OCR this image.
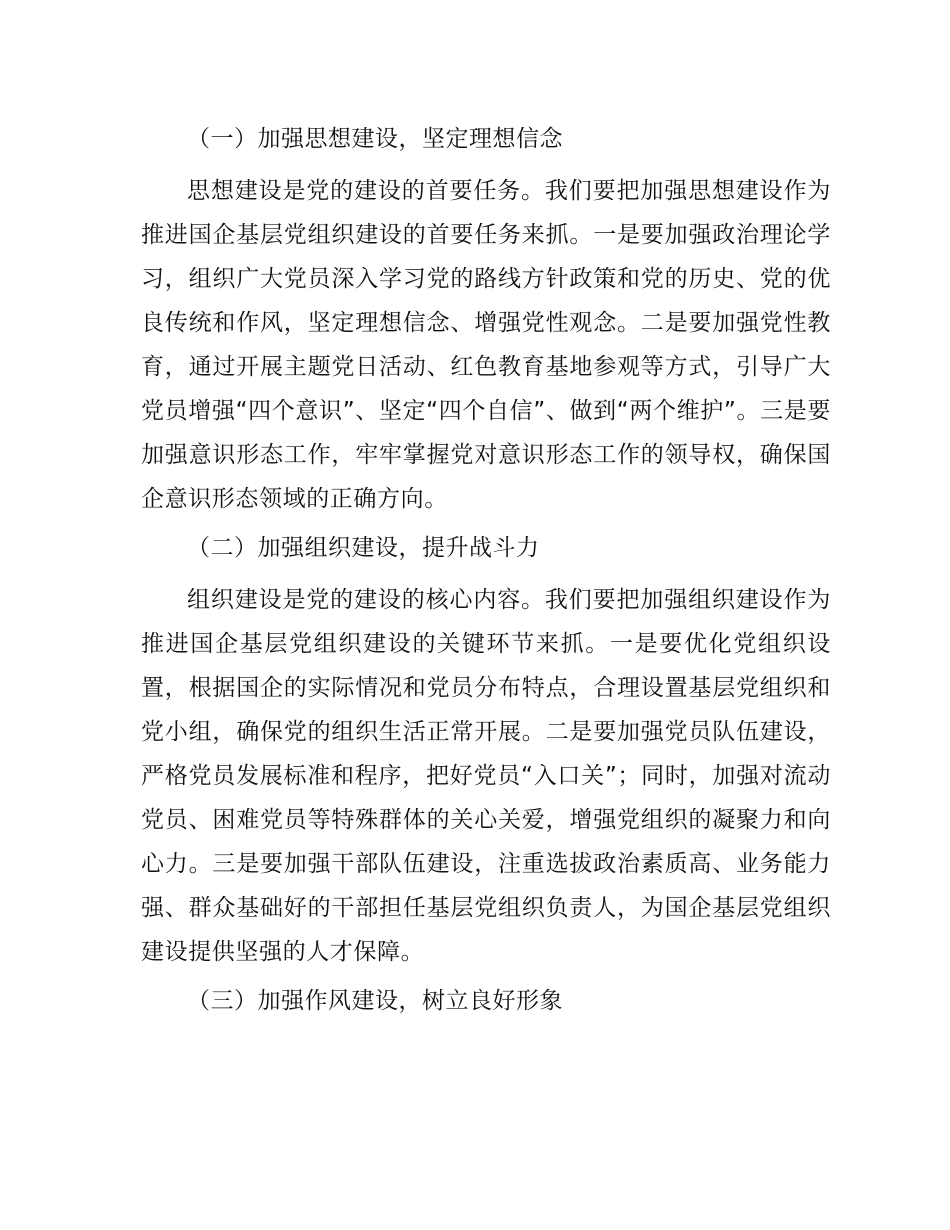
（一）加强思想建设，坚定理想信念

思想建设是党的建设的首要任务。我们要把加强思想建设作为推进国企基层党组织建设的首要任务来抓。一是要加强政治理论学习，组织广大党员深入学习党的路线方针政策和党的历史、党的优良传统和作风，坚定理想信念、增强党性观念。二是要加强党性教育，通过开展主题党日活动、红色教育基地参观等方式，引导广大党员增强“四个意识”、坚定“四个自信”、做到“两个维护”。三是要加强意识形态工作，牢牢掌握党对意识形态工作的领导权，确保国企意识形态领域的正确方向。

（二）加强组织建设，提升战斗力

组织建设是党的建设的核心内容。我们要把加强组织建设作为推进国企基层党组织建设的关键环节来抓。一是要优化党组织设置，根据国企的实际情况和党员分布特点，合理设置基层党组织和党小组，确保党的组织生活正常开展。二是要加强党员队伍建设，严格党员发展标准和程序，把好党员“入口关”；同时，加强对流动党员、困难党员等特殊群体的关心关爱，增强党组织的凝聚力和向心力。三是要加强干部队伍建设，注重选拔政治素质高、业务能力强、群众基础好的干部担任基层党组织负责人，为国企基层党组织建设提供坚强的人才保障。

（三）加强作风建设，树立良好形象
